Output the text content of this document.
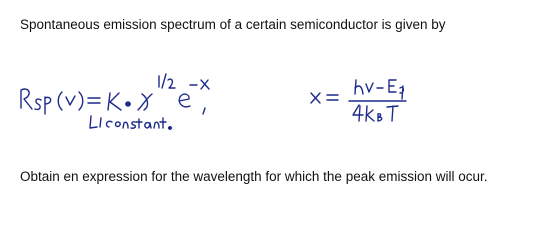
Spontaneous emission spectrum of a certain semiconductor is given by

Obtain en expression for the wavelength for which the peak emission will ocur.
